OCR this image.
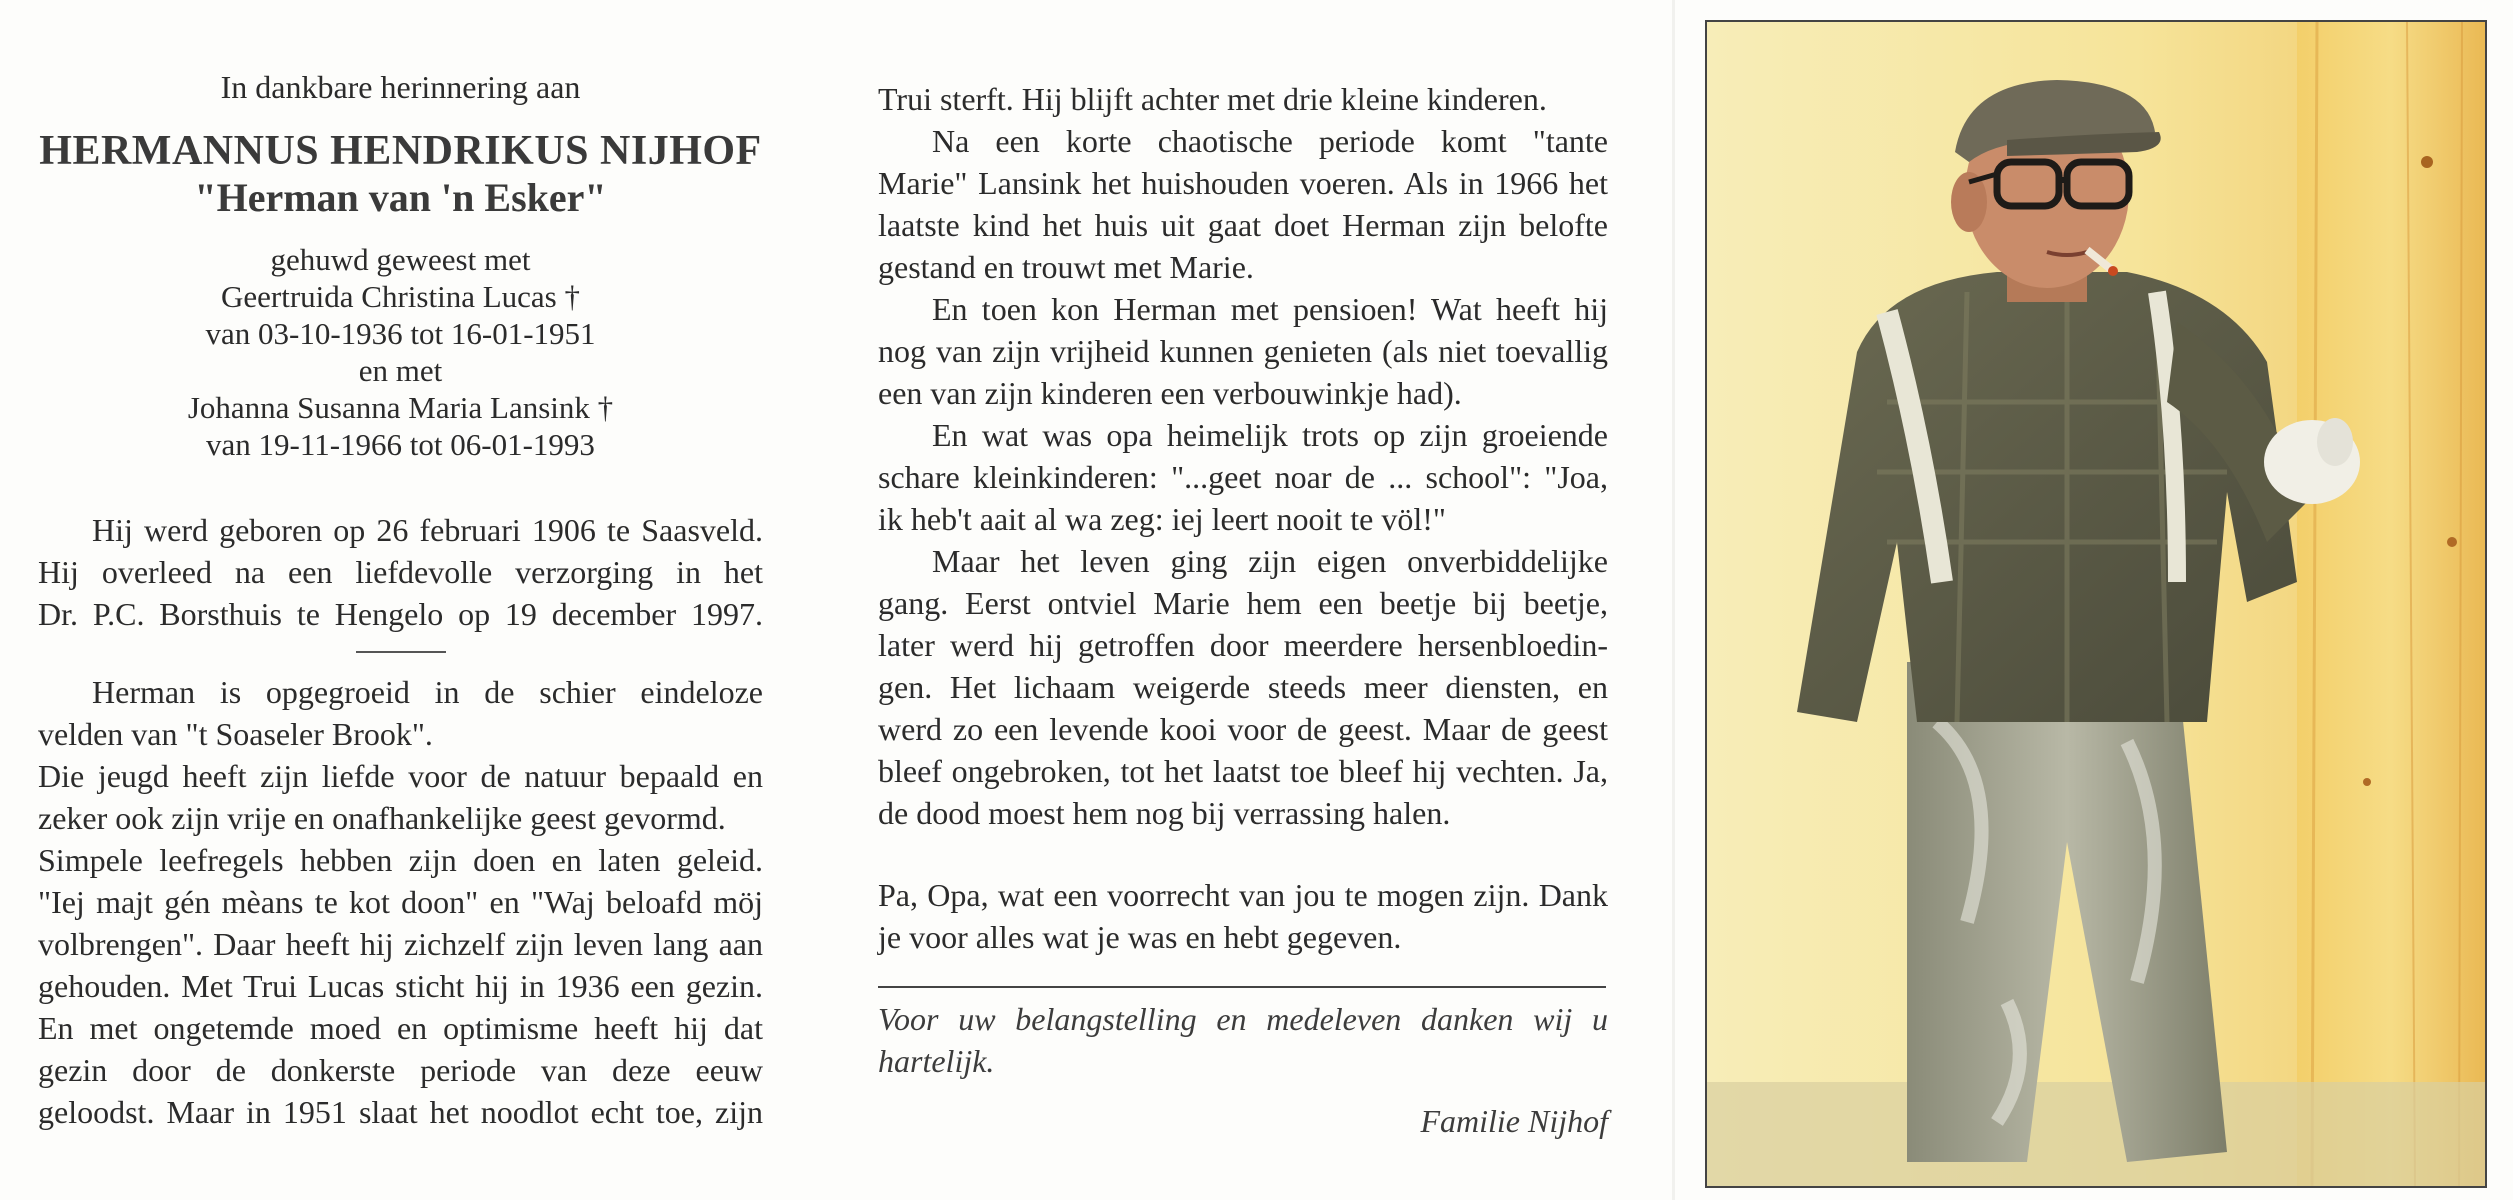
In dankbare herinnering aan
HERMANNUS HENDRIKUS NIJHOF
"Herman van 'n Esker"
gehuwd geweest met
Geertruida Christina Lucas †
van 03-10-1936 tot 16-01-1951
en met
Johanna Susanna Maria Lansink †
van 19-11-1966 tot 06-01-1993
Hij werd geboren op 26 februari 1906 te Saasveld.
Hij overleed na een liefdevolle verzorging in het
Dr. P.C. Borsthuis te Hengelo op 19 december 1997.
Herman is opgegroeid in de schier eindeloze
velden van "t Soaseler Brook".
Die jeugd heeft zijn liefde voor de natuur bepaald en
zeker ook zijn vrije en onafhankelijke geest gevormd.
Simpele leefregels hebben zijn doen en laten geleid.
"Iej majt gén mèans te kot doon" en "Waj beloafd möj
volbrengen". Daar heeft hij zichzelf zijn leven lang aan
gehouden. Met Trui Lucas sticht hij in 1936 een gezin.
En met ongetemde moed en optimisme heeft hij dat
gezin door de donkerste periode van deze eeuw
geloodst. Maar in 1951 slaat het noodlot echt toe, zijn
Trui sterft. Hij blijft achter met drie kleine kinderen.
Na een korte chaotische periode komt "tante
Marie" Lansink het huishouden voeren. Als in 1966 het
laatste kind het huis uit gaat doet Herman zijn belofte
gestand en trouwt met Marie.
En toen kon Herman met pensioen! Wat heeft hij
nog van zijn vrijheid kunnen genieten (als niet toevallig
een van zijn kinderen een verbouwinkje had).
En wat was opa heimelijk trots op zijn groeiende
schare kleinkinderen: "...geet noar de ... school": "Joa,
ik heb't aait al wa zeg: iej leert nooit te völ!"
Maar het leven ging zijn eigen onverbiddelijke
gang. Eerst ontviel Marie hem een beetje bij beetje,
later werd hij getroffen door meerdere hersenbloedin-
gen. Het lichaam weigerde steeds meer diensten, en
werd zo een levende kooi voor de geest. Maar de geest
bleef ongebroken, tot het laatst toe bleef hij vechten. Ja,
de dood moest hem nog bij verrassing halen.
Pa, Opa, wat een voorrecht van jou te mogen zijn. Dank
je voor alles wat je was en hebt gegeven.
Voor uw belangstelling en medeleven danken wij u
hartelijk.
Familie Nijhof
